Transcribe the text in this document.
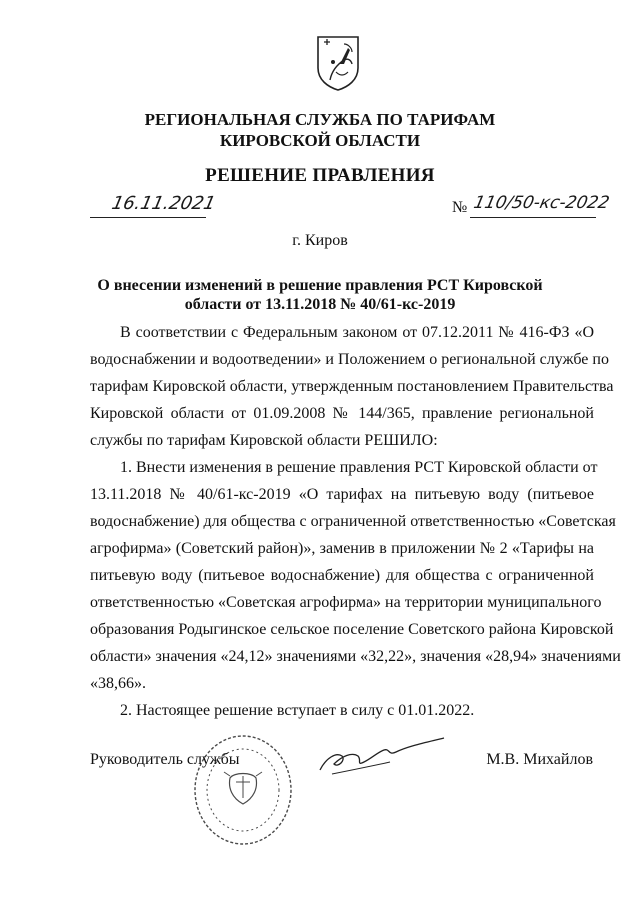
РЕГИОНАЛЬНАЯ СЛУЖБА ПО ТАРИФАМ
КИРОВСКОЙ ОБЛАСТИ
РЕШЕНИЕ ПРАВЛЕНИЯ
16.11.2021	№ 110/50-кс-2022
г. Киров
О внесении изменений в решение правления РСТ Кировской
области от 13.11.2018 № 40/61-кс-2019
В соответствии с Федеральным законом от 07.12.2011 № 416-ФЗ «О
водоснабжении и водоотведении» и Положением о региональной службе по
тарифам Кировской области, утвержденным постановлением Правительства
Кировской области от 01.09.2008 № 144/365, правление региональной
службы по тарифам Кировской области РЕШИЛО:
1. Внести изменения в решение правления РСТ Кировской области от
13.11.2018 № 40/61-кс-2019 «О тарифах на питьевую воду (питьевое
водоснабжение) для общества с ограниченной ответственностью «Советская
агрофирма» (Советский район)», заменив в приложении № 2 «Тарифы на
питьевую воду (питьевое водоснабжение) для общества с ограниченной
ответственностью «Советская агрофирма» на территории муниципального
образования Родыгинское сельское поселение Советского района Кировской
области» значения «24,12» значениями «32,22», значения «28,94» значениями
«38,66».
2. Настоящее решение вступает в силу с 01.01.2022.
Руководитель службы	М.В. Михайлов
